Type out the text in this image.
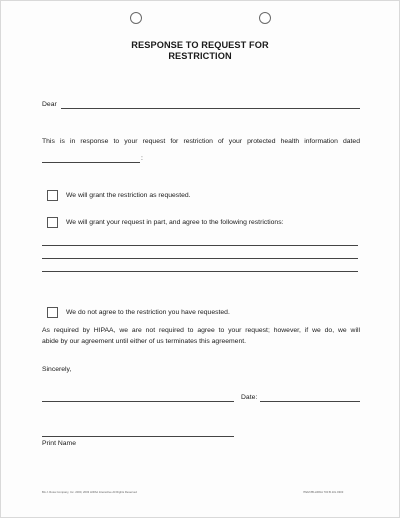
RESPONSE TO REQUEST FOR
RESTRICTION
Dear
This is in response to your request for restriction of your protected health information dated
:
We will grant the restriction as requested.
We will grant your request in part, and agree to the following restrictions:
We do not agree to the restriction you have requested.
As required by HIPAA, we are not required to agree to your request; however, if we do, we will
abide by our agreement until either of us terminates this agreement.
Sincerely,
Date:
Print Name
BA J. Rosa Company, Inc. 2000, 2003 HIPAA Interactive All Rights Reserved	ITEM 8B-HIPAA 700 B.10L 0303
